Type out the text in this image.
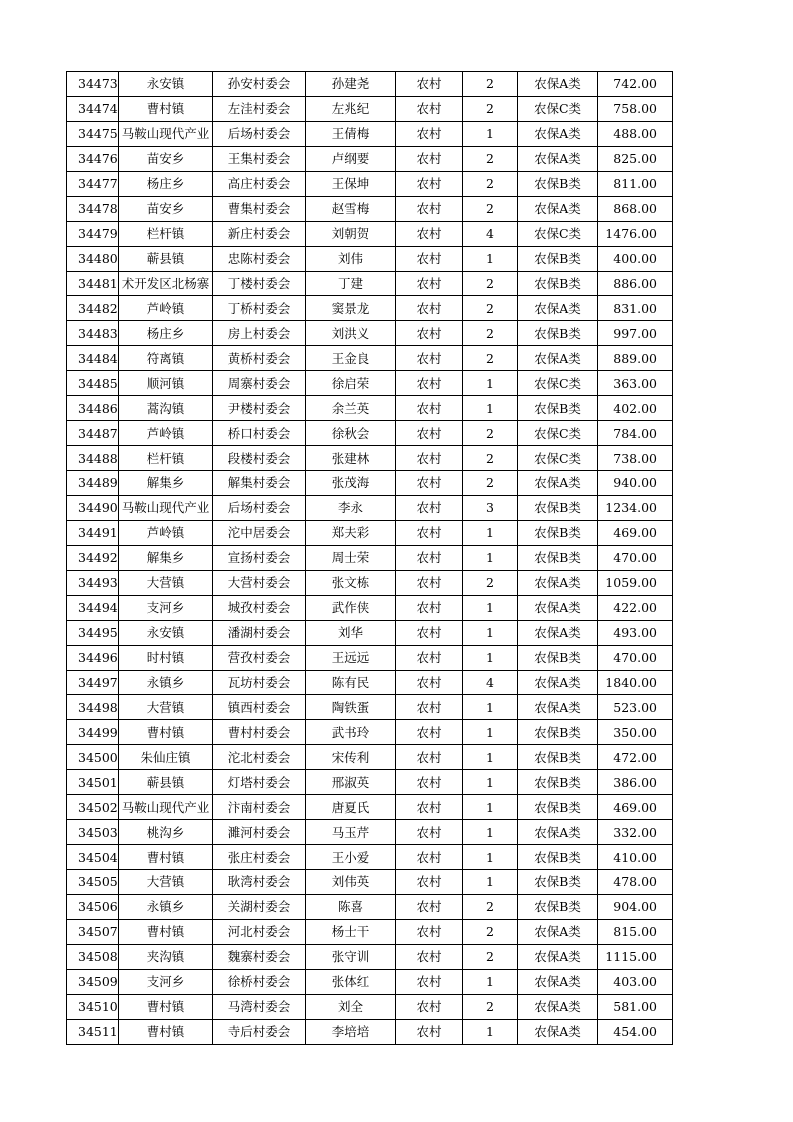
34473	永安镇	孙安村委会	孙建尧	农村	2	农保A类	742.00
34474	曹村镇	左洼村委会	左兆纪	农村	2	农保C类	758.00
34475	马鞍山现代产业	后场村委会	王倩梅	农村	1	农保A类	488.00
34476	苗安乡	王集村委会	卢纲要	农村	2	农保A类	825.00
34477	杨庄乡	高庄村委会	王保坤	农村	2	农保B类	811.00
34478	苗安乡	曹集村委会	赵雪梅	农村	2	农保A类	868.00
34479	栏杆镇	新庄村委会	刘朝贺	农村	4	农保C类	1476.00
34480	蕲县镇	忠陈村委会	刘伟	农村	1	农保B类	400.00
34481	术开发区北杨寨	丁楼村委会	丁建	农村	2	农保B类	886.00
34482	芦岭镇	丁桥村委会	窦景龙	农村	2	农保A类	831.00
34483	杨庄乡	房上村委会	刘洪义	农村	2	农保B类	997.00
34484	符离镇	黄桥村委会	王金良	农村	2	农保A类	889.00
34485	顺河镇	周寨村委会	徐启荣	农村	1	农保C类	363.00
34486	蒿沟镇	尹楼村委会	余兰英	农村	1	农保B类	402.00
34487	芦岭镇	桥口村委会	徐秋会	农村	2	农保C类	784.00
34488	栏杆镇	段楼村委会	张建林	农村	2	农保C类	738.00
34489	解集乡	解集村委会	张茂海	农村	2	农保A类	940.00
34490	马鞍山现代产业	后场村委会	李永	农村	3	农保B类	1234.00
34491	芦岭镇	沱中居委会	郑夫彩	农村	1	农保B类	469.00
34492	解集乡	宣扬村委会	周士荣	农村	1	农保B类	470.00
34493	大营镇	大营村委会	张文栋	农村	2	农保A类	1059.00
34494	支河乡	城孜村委会	武作侠	农村	1	农保A类	422.00
34495	永安镇	潘湖村委会	刘华	农村	1	农保A类	493.00
34496	时村镇	营孜村委会	王远远	农村	1	农保B类	470.00
34497	永镇乡	瓦坊村委会	陈有民	农村	4	农保A类	1840.00
34498	大营镇	镇西村委会	陶铁蛋	农村	1	农保A类	523.00
34499	曹村镇	曹村村委会	武书玲	农村	1	农保B类	350.00
34500	朱仙庄镇	沱北村委会	宋传利	农村	1	农保B类	472.00
34501	蕲县镇	灯塔村委会	邢淑英	农村	1	农保B类	386.00
34502	马鞍山现代产业	汴南村委会	唐夏氏	农村	1	农保B类	469.00
34503	桃沟乡	濉河村委会	马玉芹	农村	1	农保A类	332.00
34504	曹村镇	张庄村委会	王小爱	农村	1	农保B类	410.00
34505	大营镇	耿湾村委会	刘伟英	农村	1	农保B类	478.00
34506	永镇乡	关湖村委会	陈喜	农村	2	农保B类	904.00
34507	曹村镇	河北村委会	杨士干	农村	2	农保A类	815.00
34508	夹沟镇	魏寨村委会	张守训	农村	2	农保A类	1115.00
34509	支河乡	徐桥村委会	张体红	农村	1	农保A类	403.00
34510	曹村镇	马湾村委会	刘全	农村	2	农保A类	581.00
34511	曹村镇	寺后村委会	李培培	农村	1	农保A类	454.00
